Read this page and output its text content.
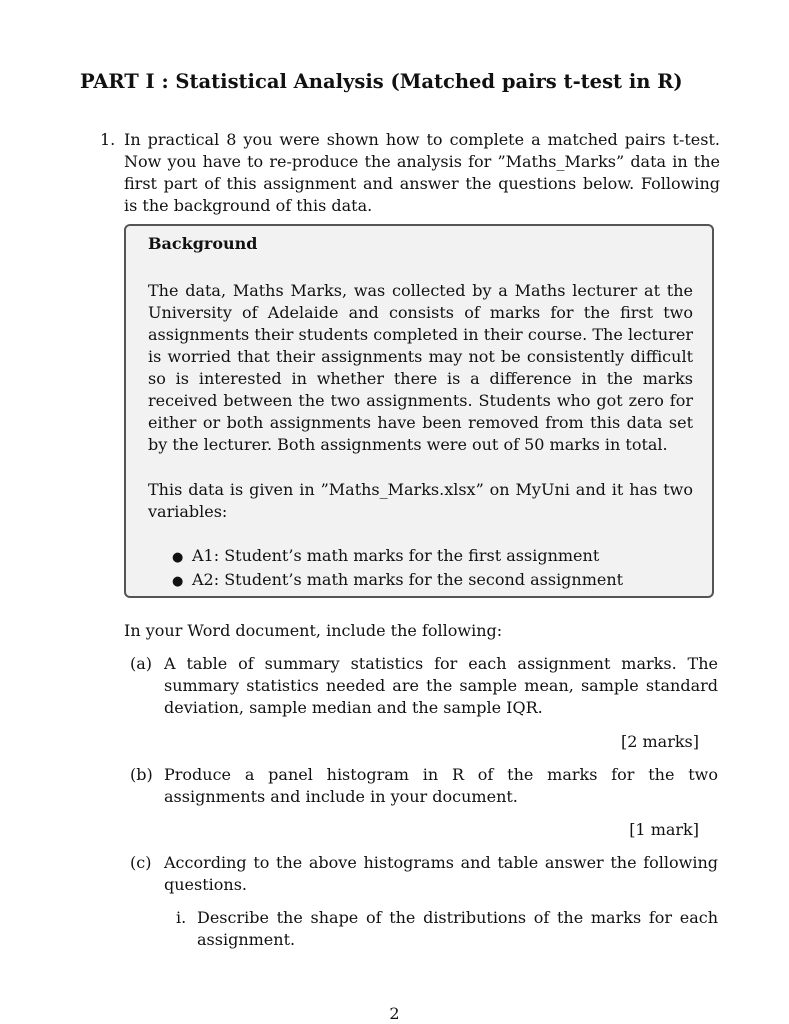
PART I : Statistical Analysis (Matched pairs t-test in R)
1. In practical 8 you were shown how to complete a matched pairs t-test. Now you have to re-produce the analysis for ”Maths_Marks” data in the first part of this assignment and answer the questions below. Following is the background of this data.
Background
The data, Maths Marks, was collected by a Maths lecturer at the University of Adelaide and consists of marks for the first two assignments their students completed in their course. The lecturer is worried that their assignments may not be consistently difficult so is interested in whether there is a difference in the marks received between the two assignments. Students who got zero for either or both assignments have been removed from this data set by the lecturer. Both assignments were out of 50 marks in total.
This data is given in ”Maths_Marks.xlsx” on MyUni and it has two variables:
● A1: Student’s math marks for the first assignment
● A2: Student’s math marks for the second assignment
In your Word document, include the following:
(a) A table of summary statistics for each assignment marks. The summary statistics needed are the sample mean, sample standard deviation, sample median and the sample IQR.
[2 marks]
(b) Produce a panel histogram in R of the marks for the two assignments and include in your document.
[1 mark]
(c) According to the above histograms and table answer the following questions.
i. Describe the shape of the distributions of the marks for each assignment.
2
